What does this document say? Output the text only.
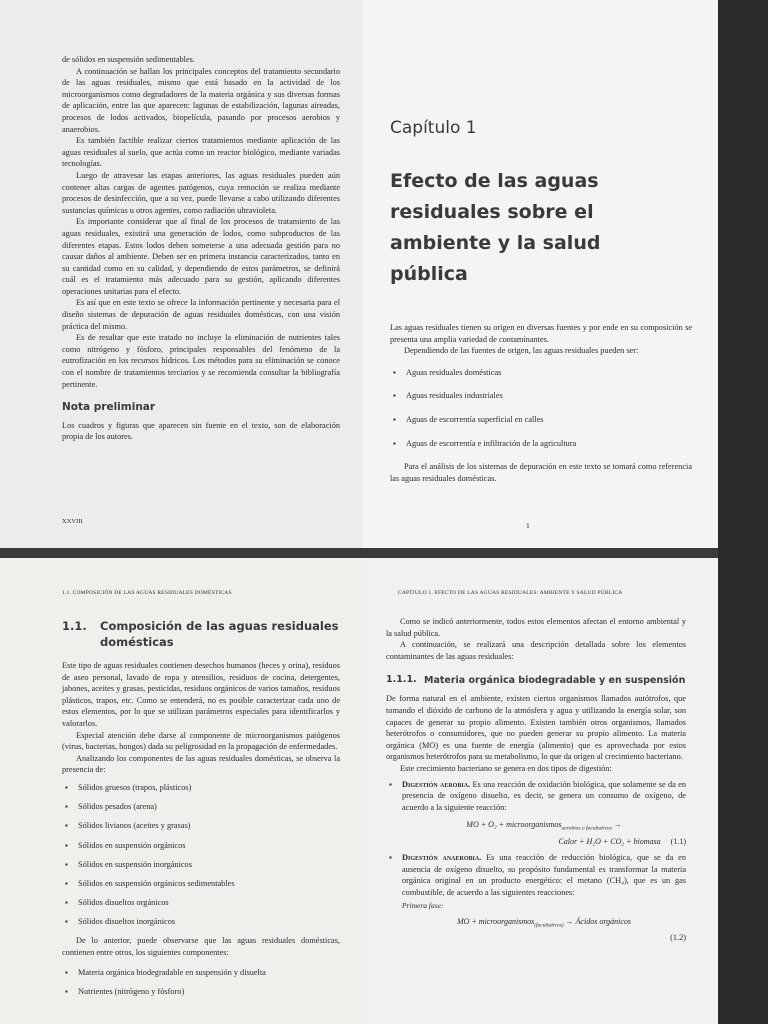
de sólidos en suspensión sedimentables.

A continuación se hallan los principales conceptos del tratamiento secundario de las aguas residuales, mismo que está basado en la actividad de los microorganismos como degradadores de la materia orgánica y sus diversas formas de aplicación, entre las que aparecen: lagunas de estabilización, lagunas aireadas, procesos de lodos activados, biopelícula, pasando por procesos aerobios y anaerobios.

Es también factible realizar ciertos tratamientos mediante aplicación de las aguas residuales al suelo, que actúa como un reactor biológico, mediante variadas tecnologías.

Luego de atravesar las etapas anteriores, las aguas residuales pueden aún contener altas cargas de agentes patógenos, cuya remoción se realiza mediante procesos de desinfección, que a su vez, puede llevarse a cabo utilizando diferentes sustancias químicas u otros agentes, como radiación ultravioleta.

Es importante considerar que al final de los procesos de tratamiento de las aguas residuales, existirá una generación de lodos, como subproductos de las diferentes etapas. Estos lodos deben someterse a una adecuada gestión para no causar daños al ambiente. Deben ser en primera instancia caracterizados, tanto en su cantidad como en su calidad, y dependiendo de estos parámetros, se definirá cuál es el tratamiento más adecuado para su gestión, aplicando diferentes operaciones unitarias para el efecto.

Es así que en este texto se ofrece la información pertinente y necesaria para el diseño sistemas de depuración de aguas residuales domésticas, con una visión práctica del mismo.

Es de resaltar que este tratado no incluye la eliminación de nutrientes tales como nitrógeno y fósforo, principales responsables del fenómeno de la eutrofización en los recursos hídricos. Los métodos para su eliminación se conoce con el nombre de tratamientos terciarios y se recomienda consultar la bibliografía pertinente.

Nota preliminar

Los cuadros y figuras que aparecen sin fuente en el texto, son de elaboración propia de los autores.

XXVIII
Capítulo 1
Efecto de las aguas residuales sobre el ambiente y la salud pública

Las aguas residuales tienen su origen en diversas fuentes y por ende en su composición se presenta una amplia variedad de contaminantes.

Dependiendo de las fuentes de origen, las aguas residuales pueden ser:

▪ Aguas residuales domésticas
▪ Aguas residuales industriales
▪ Aguas de escorrentía superficial en calles
▪ Aguas de escorrentía e infiltración de la agricultura

Para el análisis de los sistemas de depuración en este texto se tomará como referencia las aguas residuales domésticas.

1
1.1. COMPOSICIÓN DE LAS AGUAS RESIDUALES DOMÉSTICAS
1.1. Composición de las aguas residuales domésticas

Este tipo de aguas residuales contienen desechos humanos (heces y orina), residuos de aseo personal, lavado de ropa y utensilios, residuos de cocina, detergentes, jabones, aceites y grasas, pesticidas, residuos orgánicos de varios tamaños, residuos plásticos, trapos, etc. Como se entenderá, no es posible caracterizar cada uno de estos elementos, por lo que se utilizan parámetros especiales para identificarlos y valorarlos.

Especial atención debe darse al componente de microorganismos patógenos (virus, bacterias, hongos) dada su peligrosidad en la propagación de enfermedades.

Analizando los componentes de las aguas residuales domésticas, se observa la presencia de:

▪ Sólidos gruesos (trapos, plásticos)
▪ Sólidos pesados (arena)
▪ Sólidos livianos (aceites y grasas)
▪ Sólidos en suspensión orgánicos
▪ Sólidos en suspensión inorgánicos
▪ Sólidos en suspensión orgánicos sedimentables
▪ Sólidos disueltos orgánicos
▪ Sólidos disueltos inorgánicos

De lo anterior, puede observarse que las aguas residuales domésticas, contienen entre otros, los siguientes componentes:

▪ Materia orgánica biodegradable en suspensión y disuelta
▪ Nutrientes (nitrógeno y fósforo)
CAPÍTULO 1. EFECTO DE LAS AGUAS RESIDUALES: AMBIENTE Y SALUD PÚBLICA

Como se indicó anteriormente, todos estos elementos afectan el entorno ambiental y la salud pública.

A continuación, se realizará una descripción detallada sobre los elementos contaminantes de las aguas residuales:

1.1.1. Materia orgánica biodegradable y en suspensión

De forma natural en el ambiente, existen ciertos organismos llamados autótrofos, que tomando el dióxido de carbono de la atmósfera y agua y utilizando la energía solar, son capaces de generar su propio alimento. Existen también otros organismos, llamados heterótrofos o consumidores, que no pueden generar su propio alimento. La materia orgánica (MO) es una fuente de energía (alimento) que es aprovechada por estos organismos heterótrofos para su metabolismo, lo que da origen al crecimiento bacteriano.

Este crecimiento bacteriano se genera en dos tipos de digestión:

▪ Digestión aerobia. Es una reacción de oxidación biológica, que solamente se da en presencia de oxígeno disuelto, es decir, se genera un consumo de oxígeno, de acuerdo a la siguiente reacción:
MO + O₂ + microorganismos$_{aerobios o facultativos}$ →
Calor + H₂O + CO₂ + biomasa (1.1)
▪ Digestión anaerobia. Es una reacción de reducción biológica, que se da en ausencia de oxígeno disuelto, su propósito fundamental es transformar la materia orgánica original en un producto energético: el metano (CH₄), que es un gas combustible, de acuerdo a las siguientes reacciones:
Primera fase:
MO + microorganismos$_{(facultativos)}$ → Ácidos orgánicos
(1.2)
